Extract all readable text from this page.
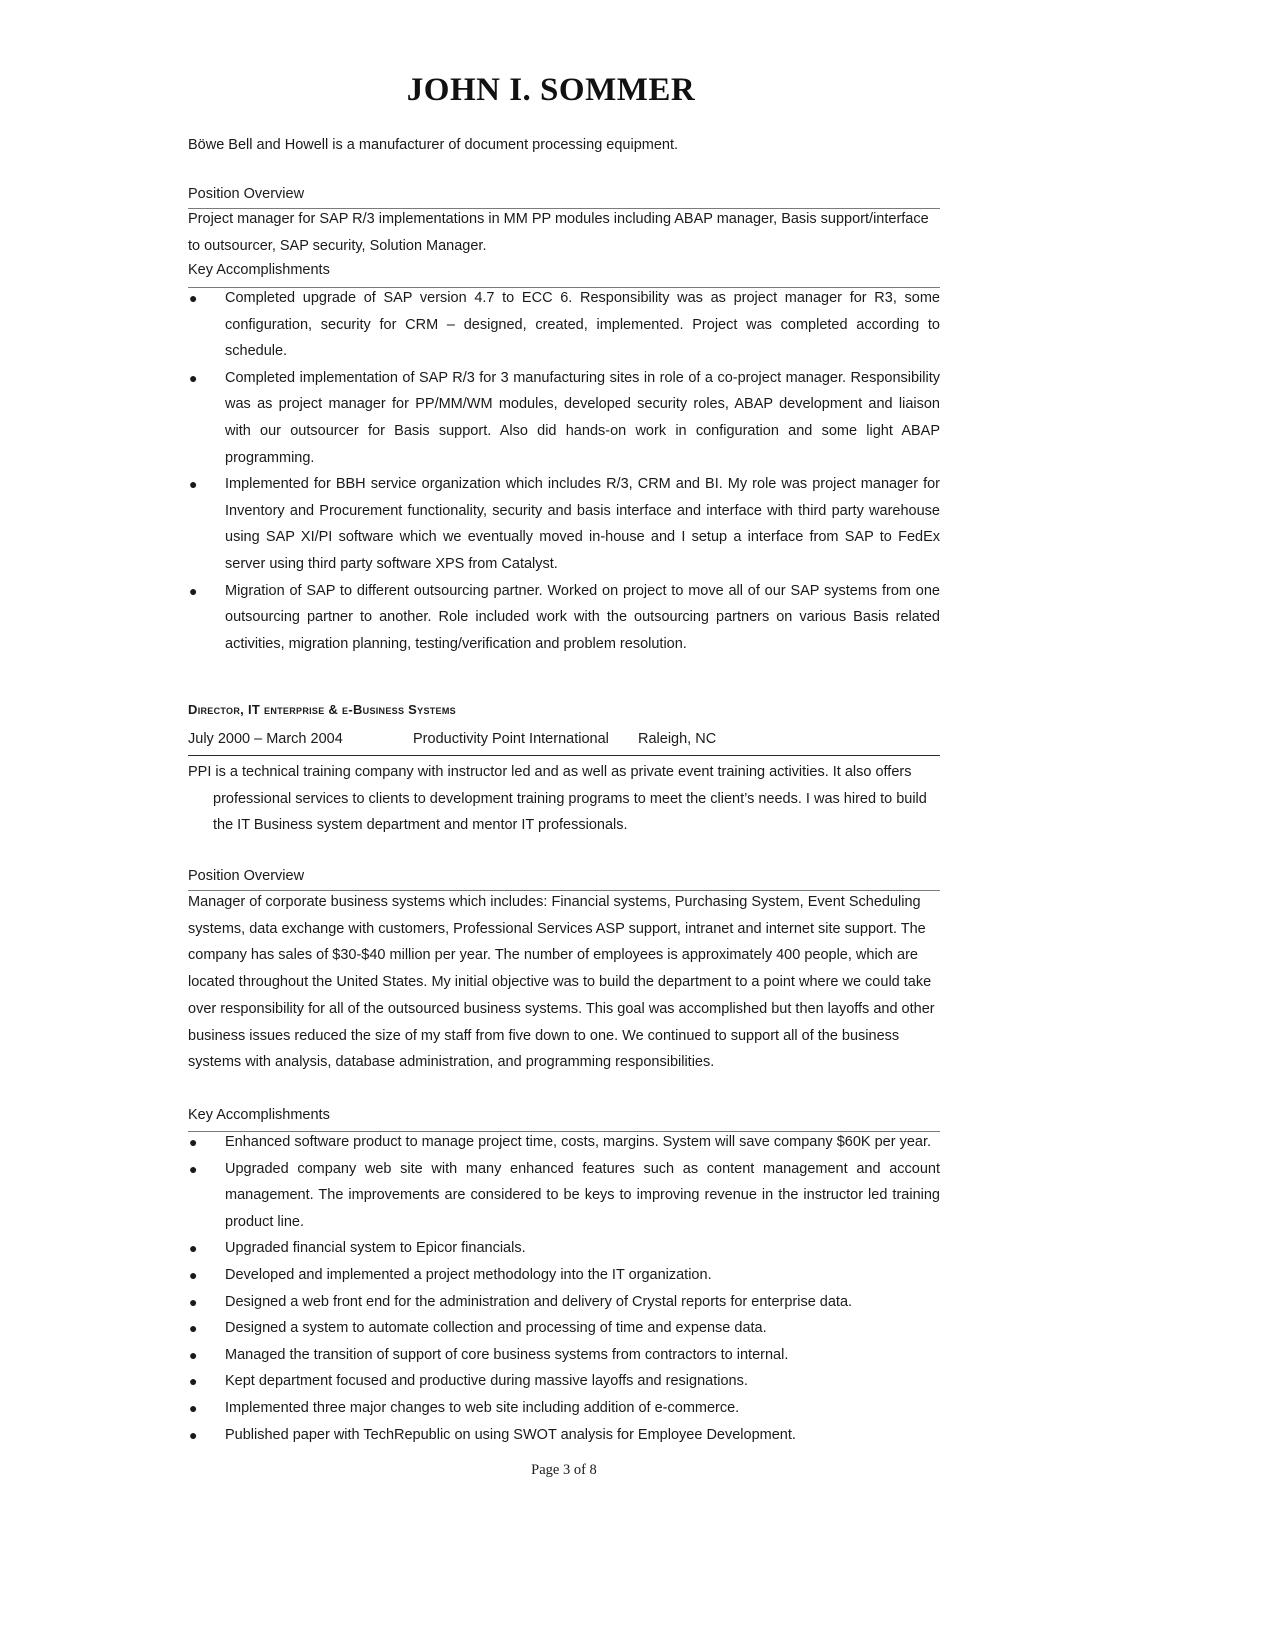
JOHN I. SOMMER
Böwe Bell and Howell is a manufacturer of document processing equipment.
Position Overview
Project manager for SAP R/3 implementations in MM PP modules including ABAP manager, Basis support/interface to outsourcer, SAP security, Solution Manager.
Key Accomplishments
● Completed upgrade of SAP version 4.7 to ECC 6. Responsibility was as project manager for R3, some configuration, security for CRM – designed, created, implemented. Project was completed according to schedule.
● Completed implementation of SAP R/3 for 3 manufacturing sites in role of a co-project manager. Responsibility was as project manager for PP/MM/WM modules, developed security roles, ABAP development and liaison with our outsourcer for Basis support. Also did hands-on work in configuration and some light ABAP programming.
● Implemented for BBH service organization which includes R/3, CRM and BI. My role was project manager for Inventory and Procurement functionality, security and basis interface and interface with third party warehouse using SAP XI/PI software which we eventually moved in-house and I setup a interface from SAP to FedEx server using third party software XPS from Catalyst.
● Migration of SAP to different outsourcing partner. Worked on project to move all of our SAP systems from one outsourcing partner to another. Role included work with the outsourcing partners on various Basis related activities, migration planning, testing/verification and problem resolution.
Director, IT enterprise & e-Business Systems
July 2000 – March 2004	Productivity Point International Raleigh, NC
PPI is a technical training company with instructor led and as well as private event training activities. It also offers professional services to clients to development training programs to meet the client’s needs. I was hired to build the IT Business system department and mentor IT professionals.
Position Overview
Manager of corporate business systems which includes: Financial systems, Purchasing System, Event Scheduling systems, data exchange with customers, Professional Services ASP support, intranet and internet site support. The company has sales of $30-$40 million per year. The number of employees is approximately 400 people, which are located throughout the United States. My initial objective was to build the department to a point where we could take over responsibility for all of the outsourced business systems. This goal was accomplished but then layoffs and other business issues reduced the size of my staff from five down to one. We continued to support all of the business systems with analysis, database administration, and programming responsibilities.
Key Accomplishments
● Enhanced software product to manage project time, costs, margins. System will save company $60K per year.
● Upgraded company web site with many enhanced features such as content management and account management. The improvements are considered to be keys to improving revenue in the instructor led training product line.
● Upgraded financial system to Epicor financials.
● Developed and implemented a project methodology into the IT organization.
● Designed a web front end for the administration and delivery of Crystal reports for enterprise data.
● Designed a system to automate collection and processing of time and expense data.
● Managed the transition of support of core business systems from contractors to internal.
● Kept department focused and productive during massive layoffs and resignations.
● Implemented three major changes to web site including addition of e-commerce.
● Published paper with TechRepublic on using SWOT analysis for Employee Development.
Page 3 of 8
